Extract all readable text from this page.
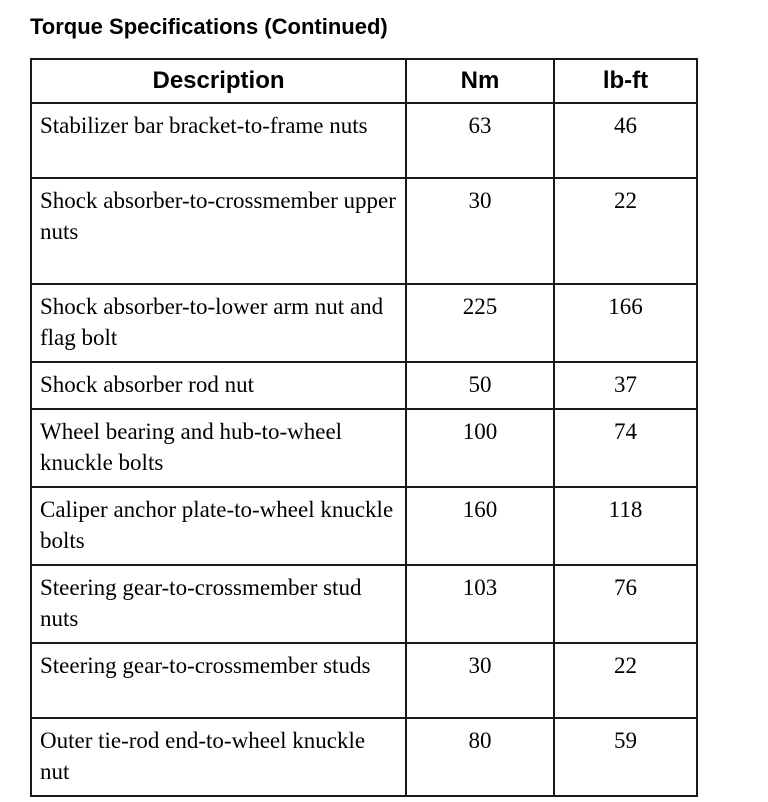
Torque Specifications (Continued)
Description	Nm	lb-ft
Stabilizer bar bracket-to-frame nuts	63	46
Shock absorber-to-crossmember upper nuts	30	22
Shock absorber-to-lower arm nut and flag bolt	225	166
Shock absorber rod nut	50	37
Wheel bearing and hub-to-wheel knuckle bolts	100	74
Caliper anchor plate-to-wheel knuckle bolts	160	118
Steering gear-to-crossmember stud nuts	103	76
Steering gear-to-crossmember studs	30	22
Outer tie-rod end-to-wheel knuckle nut	80	59
